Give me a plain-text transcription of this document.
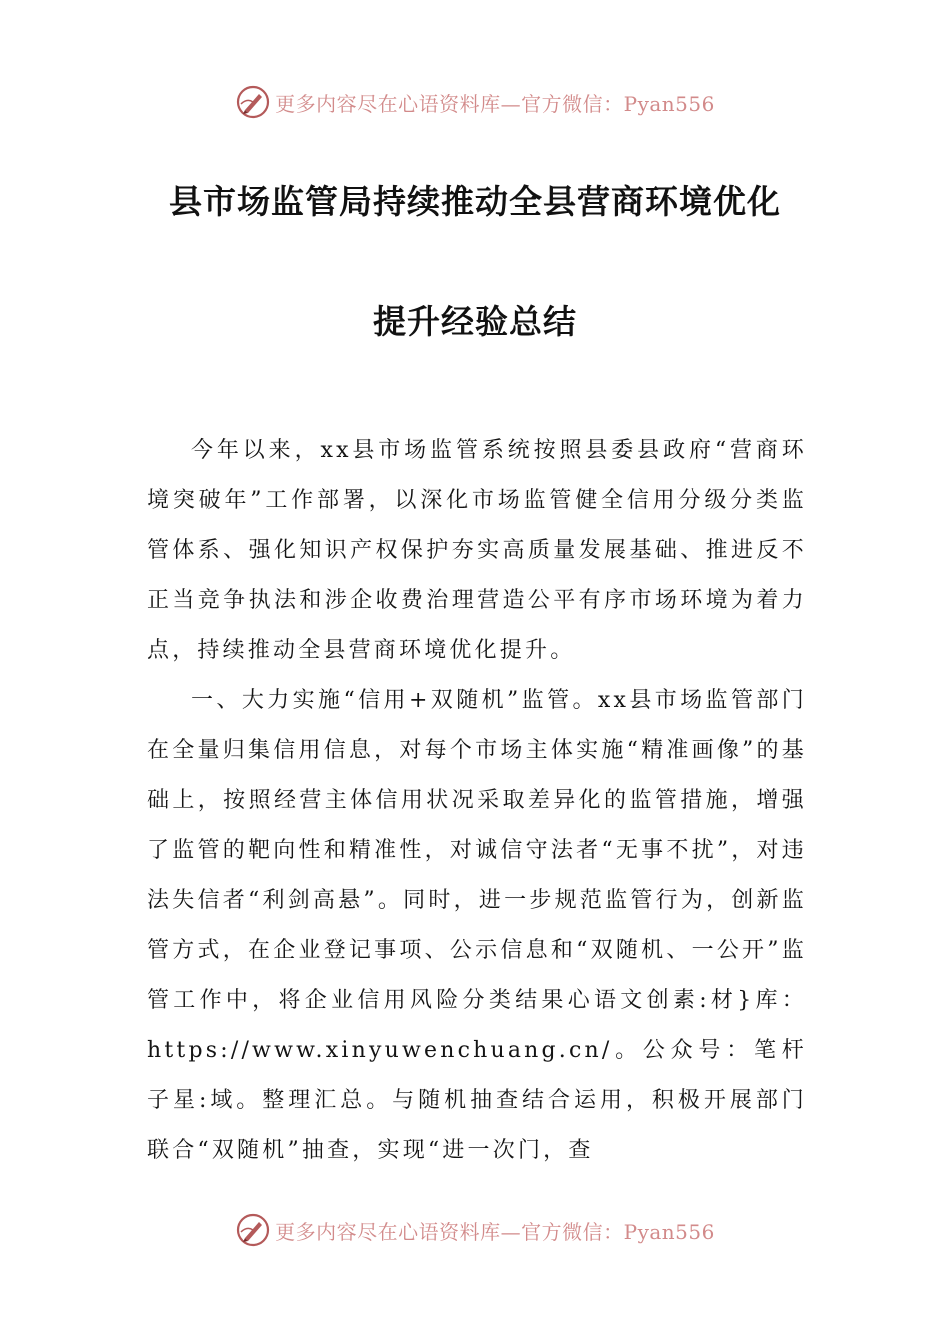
更多内容尽在心语资料库—官方微信：Pyan556
县市场监管局持续推动全县营商环境优化
提升经验总结

今年以来，xx县市场监管系统按照县委县政府“营商环境突破年”工作部署，以深化市场监管健全信用分级分类监管体系、强化知识产权保护夯实高质量发展基础、推进反不正当竞争执法和涉企收费治理营造公平有序市场环境为着力点，持续推动全县营商环境优化提升。

一、大力实施“信用+双随机”监管。xx县市场监管部门在全量归集信用信息，对每个市场主体实施“精准画像”的基础上，按照经营主体信用状况采取差异化的监管措施，增强了监管的靶向性和精准性，对诚信守法者“无事不扰”，对违法失信者“利剑高悬”。同时，进一步规范监管行为，创新监管方式，在企业登记事项、公示信息和“双随机、一公开”监管工作中，将企业信用风险分类结果心语文创素:材}库：https://www.xinyuwenchuang.cn/。公众号：笔杆子星:域。整理汇总。与随机抽查结合运用，积极开展部门联合“双随机”抽查，实现“进一次门，查

更多内容尽在心语资料库—官方微信：Pyan556
